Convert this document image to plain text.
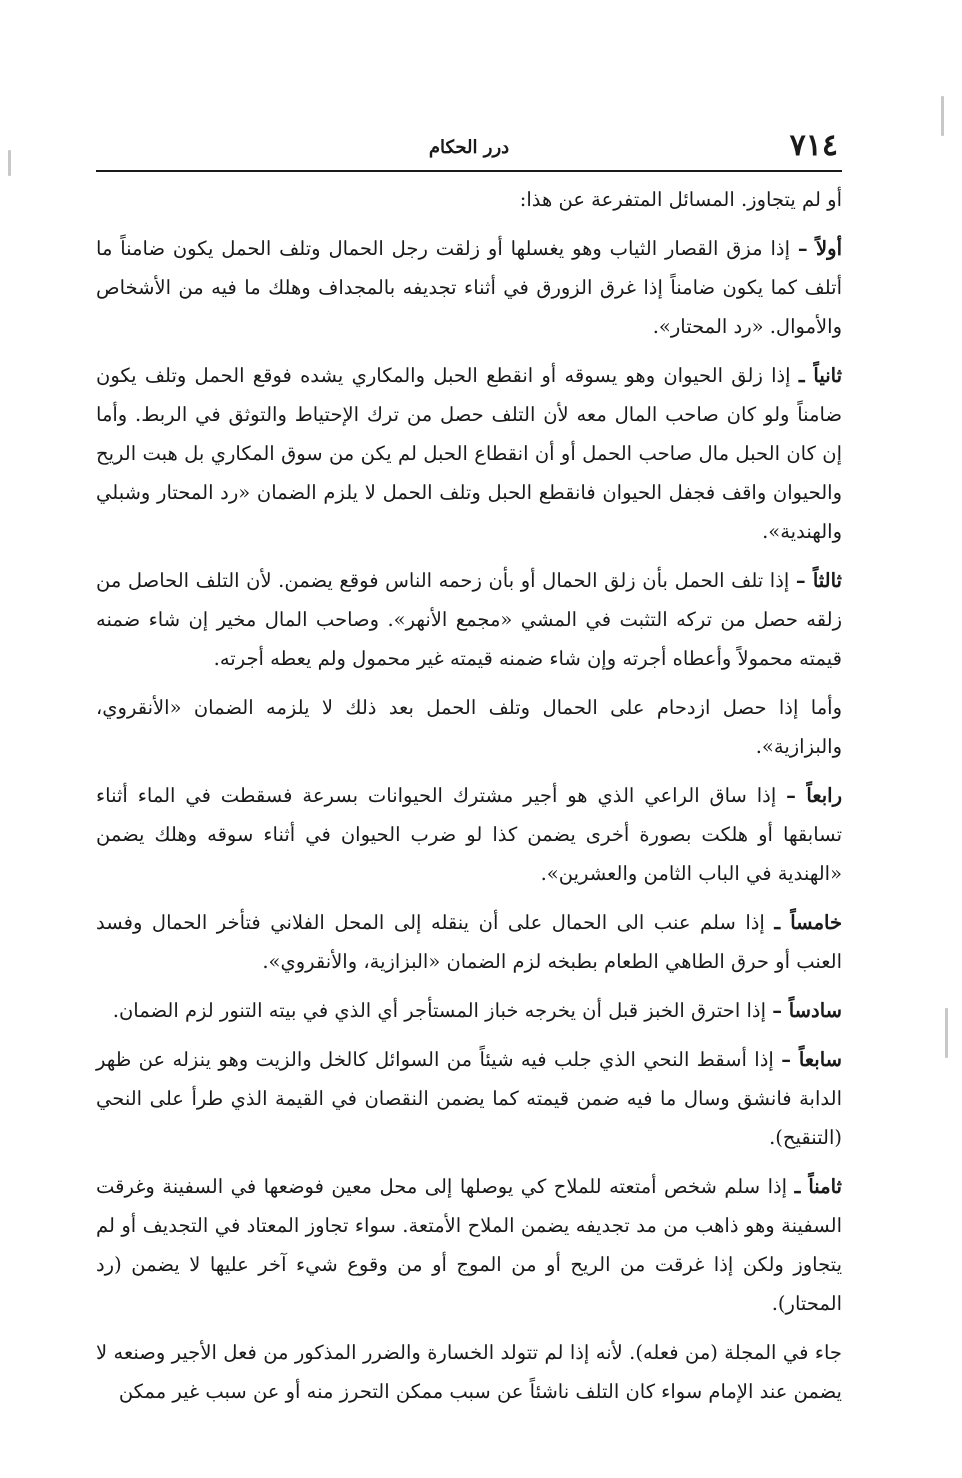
٧١٤
درر الحكام

أو لم يتجاوز. المسائل المتفرعة عن هذا:

أولاً – إذا مزق القصار الثياب وهو يغسلها أو زلقت رجل الحمال وتلف الحمل يكون ضامناً ما أتلف كما يكون ضامناً إذا غرق الزورق في أثناء تجديفه بالمجداف وهلك ما فيه من الأشخاص والأموال. «رد المحتار».

ثانياً ـ إذا زلق الحيوان وهو يسوقه أو انقطع الحبل والمكاري يشده فوقع الحمل وتلف يكون ضامناً ولو كان صاحب المال معه لأن التلف حصل من ترك الإحتياط والتوثق في الربط. وأما إن كان الحبل مال صاحب الحمل أو أن انقطاع الحبل لم يكن من سوق المكاري بل هبت الريح والحيوان واقف فجفل الحيوان فانقطع الحبل وتلف الحمل لا يلزم الضمان «رد المحتار وشبلي والهندية».

ثالثاً – إذا تلف الحمل بأن زلق الحمال أو بأن زحمه الناس فوقع يضمن. لأن التلف الحاصل من زلقه حصل من تركه التثبت في المشي «مجمع الأنهر». وصاحب المال مخير إن شاء ضمنه قيمته محمولاً وأعطاه أجرته وإن شاء ضمنه قيمته غير محمول ولم يعطه أجرته.

وأما إذا حصل ازدحام على الحمال وتلف الحمل بعد ذلك لا يلزمه الضمان «الأنقروي، والبزازية».

رابعاً – إذا ساق الراعي الذي هو أجير مشترك الحيوانات بسرعة فسقطت في الماء أثناء تسابقها أو هلكت بصورة أخرى يضمن كذا لو ضرب الحيوان في أثناء سوقه وهلك يضمن «الهندية في الباب الثامن والعشرين».

خامساً ـ إذا سلم عنب الى الحمال على أن ينقله إلى المحل الفلاني فتأخر الحمال وفسد العنب أو حرق الطاهي الطعام بطبخه لزم الضمان «البزازية، والأنقروي».

سادساً – إذا احترق الخبز قبل أن يخرجه خباز المستأجر أي الذي في بيته التنور لزم الضمان.

سابعاً – إذا أسقط النحي الذي جلب فيه شيئاً من السوائل كالخل والزيت وهو ينزله عن ظهر الدابة فانشق وسال ما فيه ضمن قيمته كما يضمن النقصان في القيمة الذي طرأ على النحي (التنقيح).

ثامناً ـ إذا سلم شخص أمتعته للملاح كي يوصلها إلى محل معين فوضعها في السفينة وغرقت السفينة وهو ذاهب من مد تجديفه يضمن الملاح الأمتعة. سواء تجاوز المعتاد في التجديف أو لم يتجاوز ولكن إذا غرقت من الريح أو من الموج أو من وقوع شيء آخر عليها لا يضمن (رد المحتار).

جاء في المجلة (من فعله). لأنه إذا لم تتولد الخسارة والضرر المذكور من فعل الأجير وصنعه لا يضمن عند الإمام سواء كان التلف ناشئاً عن سبب ممكن التحرز منه أو عن سبب غير ممكن
